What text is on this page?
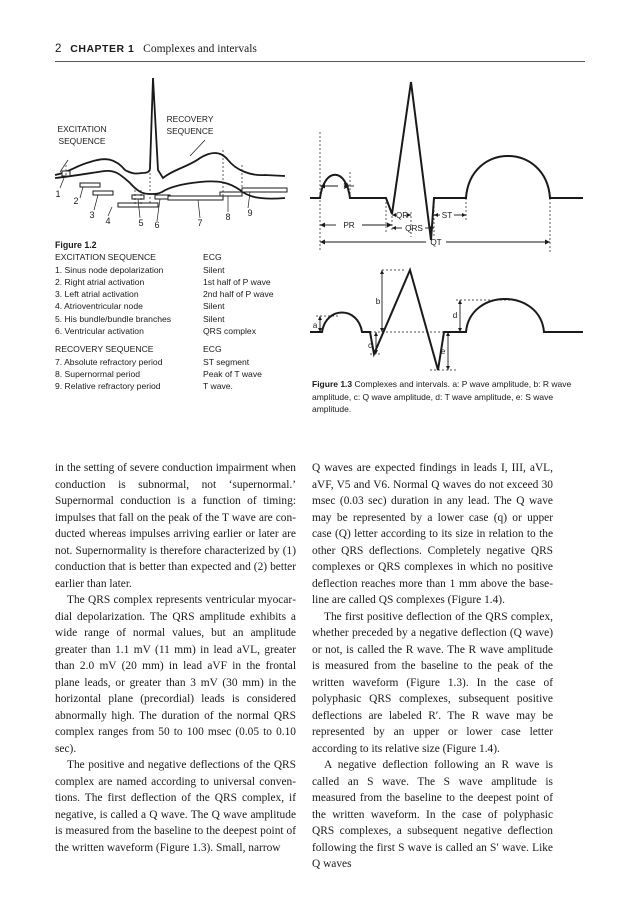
2 CHAPTER 1 Complexes and intervals
EXCITATION
SEQUENCE
RECOVERY
SEQUENCE
1
2
3
4	5 6	7
8 9
Figure 1.2
EXCITATION SEQUENCE	ECG
1. Sinus node depolarization	Silent
2. Right atrial activation	1st half of P wave
3. Left atrial activation	2nd half of P wave
4. Atrioventricular node	Silent
5. His bundle/bundle branches	Silent
6. Ventricular activation	QRS complex
RECOVERY SEQUENCE	ECG
7. Absolute refractory period	ST segment
8. Supernormal period	Peak of T wave
9. Relative refractory period	T wave.
P
PR
QR
QRS
ST
QT
a
b
c
d
e
Figure 1.3 Complexes and intervals. a: P wave amplitude, b: R wave amplitude, c: Q wave amplitude, d: T wave amplitude, e: S wave amplitude.

in the setting of severe conduction impairment when conduction is subnormal, not ‘supernormal.’ Supernormal conduction is a function of timing: impulses that fall on the peak of the T wave are conducted whereas impulses arriving earlier or later are not. Supernormality is therefore characterized by (1) conduction that is better than expected and (2) better earlier than later.

The QRS complex represents ventricular myocardial depolarization. The QRS amplitude exhibits a wide range of normal values, but an amplitude greater than 1.1 mV (11 mm) in lead aVL, greater than 2.0 mV (20 mm) in lead aVF in the frontal plane leads, or greater than 3 mV (30 mm) in the horizontal plane (precordial) leads is considered abnormally high. The duration of the normal QRS complex ranges from 50 to 100 msec (0.05 to 0.10 sec).

The positive and negative deflections of the QRS complex are named according to universal conventions. The first deflection of the QRS complex, if negative, is called a Q wave. The Q wave amplitude is measured from the baseline to the deepest point of the written waveform (Figure 1.3). Small, narrow

Q waves are expected findings in leads I, III, aVL, aVF, V5 and V6. Normal Q waves do not exceed 30 msec (0.03 sec) duration in any lead. The Q wave may be represented by a lower case (q) or upper case (Q) letter according to its size in relation to the other QRS deflections. Completely negative QRS complexes or QRS complexes in which no positive deflection reaches more than 1 mm above the baseline are called QS complexes (Figure 1.4).

The first positive deflection of the QRS complex, whether preceded by a negative deflection (Q wave) or not, is called the R wave. The R wave amplitude is measured from the baseline to the peak of the written waveform (Figure 1.3). In the case of polyphasic QRS complexes, subsequent positive deflections are labeled R′. The R wave may be represented by an upper or lower case letter according to its relative size (Figure 1.4).

A negative deflection following an R wave is called an S wave. The S wave amplitude is measured from the baseline to the deepest point of the written waveform. In the case of polyphasic QRS complexes, a subsequent negative deflection following the first S wave is called an S′ wave. Like Q waves
